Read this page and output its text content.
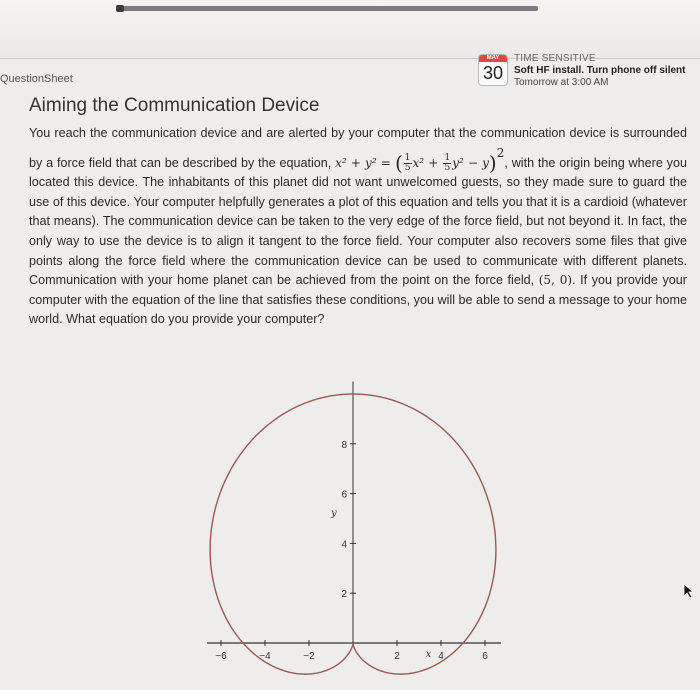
QuestionSheet
MAY
30
TIME SENSITIVE
Soft HF install. Turn phone off silent
Tomorrow at 3:00 AM
Aiming the Communication Device
You reach the communication device and are alerted by your computer that the communication device is surrounded by a force field that can be described by the equation, x² + y² = ( $\frac{1}{5} x^2 + \frac{1}{5} y^2 - y)2$, with the origin being where you located this device. The inhabitants of this planet did not want unwelcomed guests, so they made sure to guard the use of this device. Your computer helpfully generates a plot of this equation and tells you that it is a cardioid (whatever that means). The communication device can be taken to the very edge of the force field, but not beyond it. In fact, the only way to use the device is to align it tangent to the force field. Your computer also recovers some files that give points along the force field where the communication device can be used to communicate with different planets. Communication with your home planet can be achieved from the point on the force field, (5, 0). If you provide your computer with the equation of the line that satisfies these conditions, you will be able to send a message to your home world. What equation do you provide your computer?
−6	−4	−2	2	4	6
2
4
6
8
y
x
